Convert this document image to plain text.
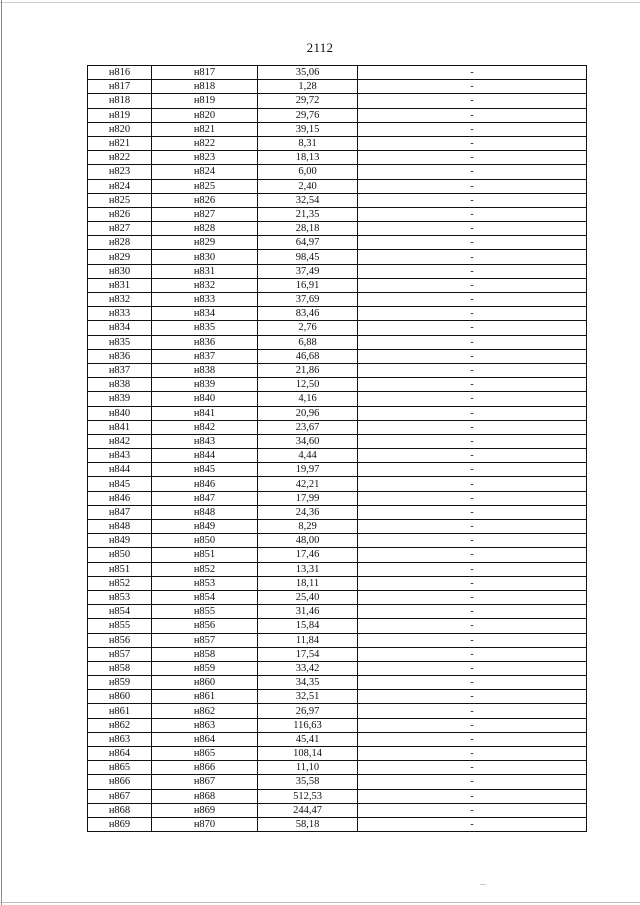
2112
н816	н817	35,06	-
н817	н818	1,28	-
н818	н819	29,72	-
н819	н820	29,76	-
н820	н821	39,15	-
н821	н822	8,31	-
н822	н823	18,13	-
н823	н824	6,00	-
н824	н825	2,40	-
н825	н826	32,54	-
н826	н827	21,35	-
н827	н828	28,18	-
н828	н829	64,97	-
н829	н830	98,45	-
н830	н831	37,49	-
н831	н832	16,91	-
н832	н833	37,69	-
н833	н834	83,46	-
н834	н835	2,76	-
н835	н836	6,88	-
н836	н837	46,68	-
н837	н838	21,86	-
н838	н839	12,50	-
н839	н840	4,16	-
н840	н841	20,96	-
н841	н842	23,67	-
н842	н843	34,60	-
н843	н844	4,44	-
н844	н845	19,97	-
н845	н846	42,21	-
н846	н847	17,99	-
н847	н848	24,36	-
н848	н849	8,29	-
н849	н850	48,00	-
н850	н851	17,46	-
н851	н852	13,31	-
н852	н853	18,11	-
н853	н854	25,40	-
н854	н855	31,46	-
н855	н856	15,84	-
н856	н857	11,84	-
н857	н858	17,54	-
н858	н859	33,42	-
н859	н860	34,35	-
н860	н861	32,51	-
н861	н862	26,97	-
н862	н863	116,63	-
н863	н864	45,41	-
н864	н865	108,14	-
н865	н866	11,10	-
н866	н867	35,58	-
н867	н868	512,53	-
н868	н869	244,47	-
н869	н870	58,18	-
